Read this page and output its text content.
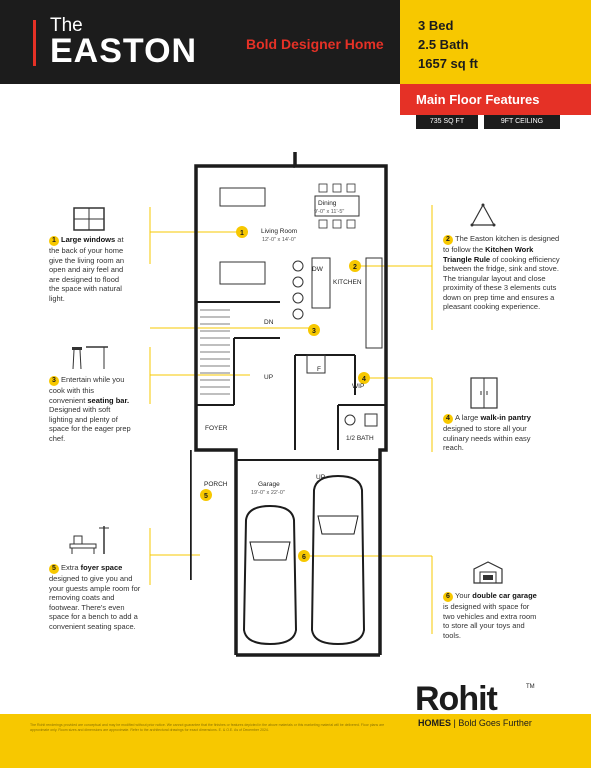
The
EASTON	Bold Designer Home
3 Bed
2.5 Bath
1657 sq ft
Main Floor Features
735 SQ FT	9FT CEILING
1 Large windows at the back of your home give the living room an open and airy feel and are designed to flood the space with natural light.
3 Entertain while you cook with this convenient seating bar. Designed with soft lighting and plenty of space for the eager prep chef.
5 Extra foyer space designed to give you and your guests ample room for removing coats and footwear. There's even space for a bench to add a convenient seating space.
2 The Easton kitchen is designed to follow the Kitchen Work Triangle Rule of cooking efficiency between the fridge, sink and stove. The triangular layout and close proximity of these 3 elements cuts down on prep time and ensures a pleasant cooking experience.
4 A large walk-in pantry designed to store all your culinary needs within easy reach.
6 Your double car garage is designed with space for two vehicles and extra room to store all your toys and tools.
1
2
3
4
5
6
Dining
9'-0" x 11'-5"
Living Room
12'-0" x 14'-0"
KITCHEN
DW
DN
UP
F
WIP
FOYER
1/2 BATH
UP
PORCH	Garage
19'-0" x 22'-0"
The Rohit renderings provided are conceptual and may be modified without prior notice. We cannot guarantee that the finishes or features depicted in the above materials or this marketing material will be delivered. Floor plans are approximate only. Room sizes and dimensions are approximate. Refer to the architectural drawings for exact dimensions. E. & O.E. As of December 2024.
Rohit	TM
HOMES | Bold Goes Further
